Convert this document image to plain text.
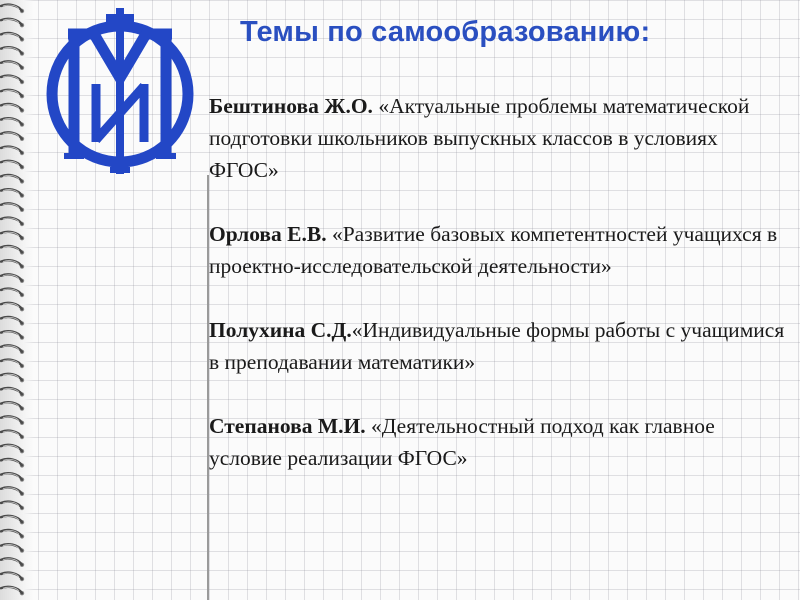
Темы по самообразованию:
Бештинова Ж.О. «Актуальные проблемы математической подготовки школьников выпускных классов в условиях ФГОС»
Орлова Е.В. «Развитие базовых компетентностей учащихся в проектно-исследовательской деятельности»
Полухина С.Д.«Индивидуальные формы работы с учащимися в преподавании математики»
Степанова М.И. «Деятельностный подход как главное условие реализации ФГОС»
